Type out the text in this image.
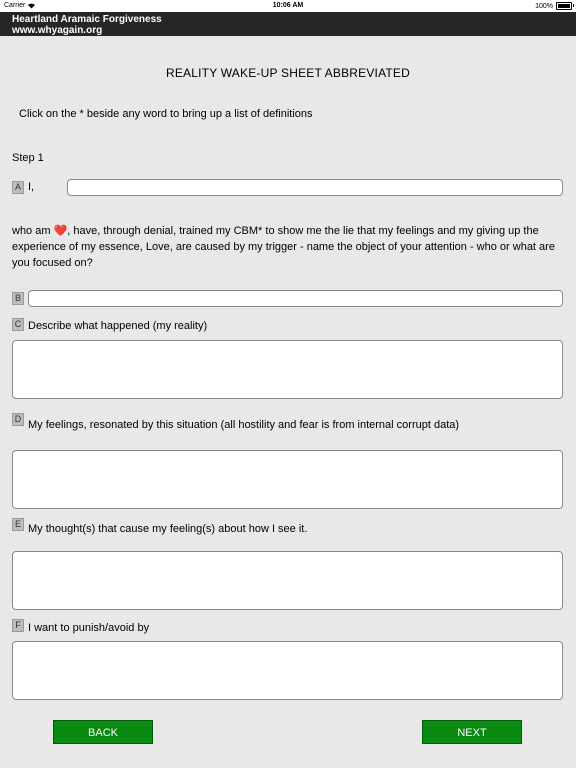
Carrier	10:06 AM	100%
Heartland Aramaic Forgiveness
www.whyagain.org
REALITY WAKE-UP SHEET ABBREVIATED
Click on the * beside any word to bring up a list of definitions
Step 1
A I,
who am ❤️, have, through denial, trained my CBM* to show me the lie that my feelings and my giving up the experience of my essence, Love, are caused by my trigger - name the object of your attention - who or what are you focused on?
B
C Describe what happened (my reality)
D My feelings, resonated by this situation (all hostility and fear is from internal corrupt data)
E My thought(s) that cause my feeling(s) about how I see it.
F I want to punish/avoid by
BACK	NEXT
